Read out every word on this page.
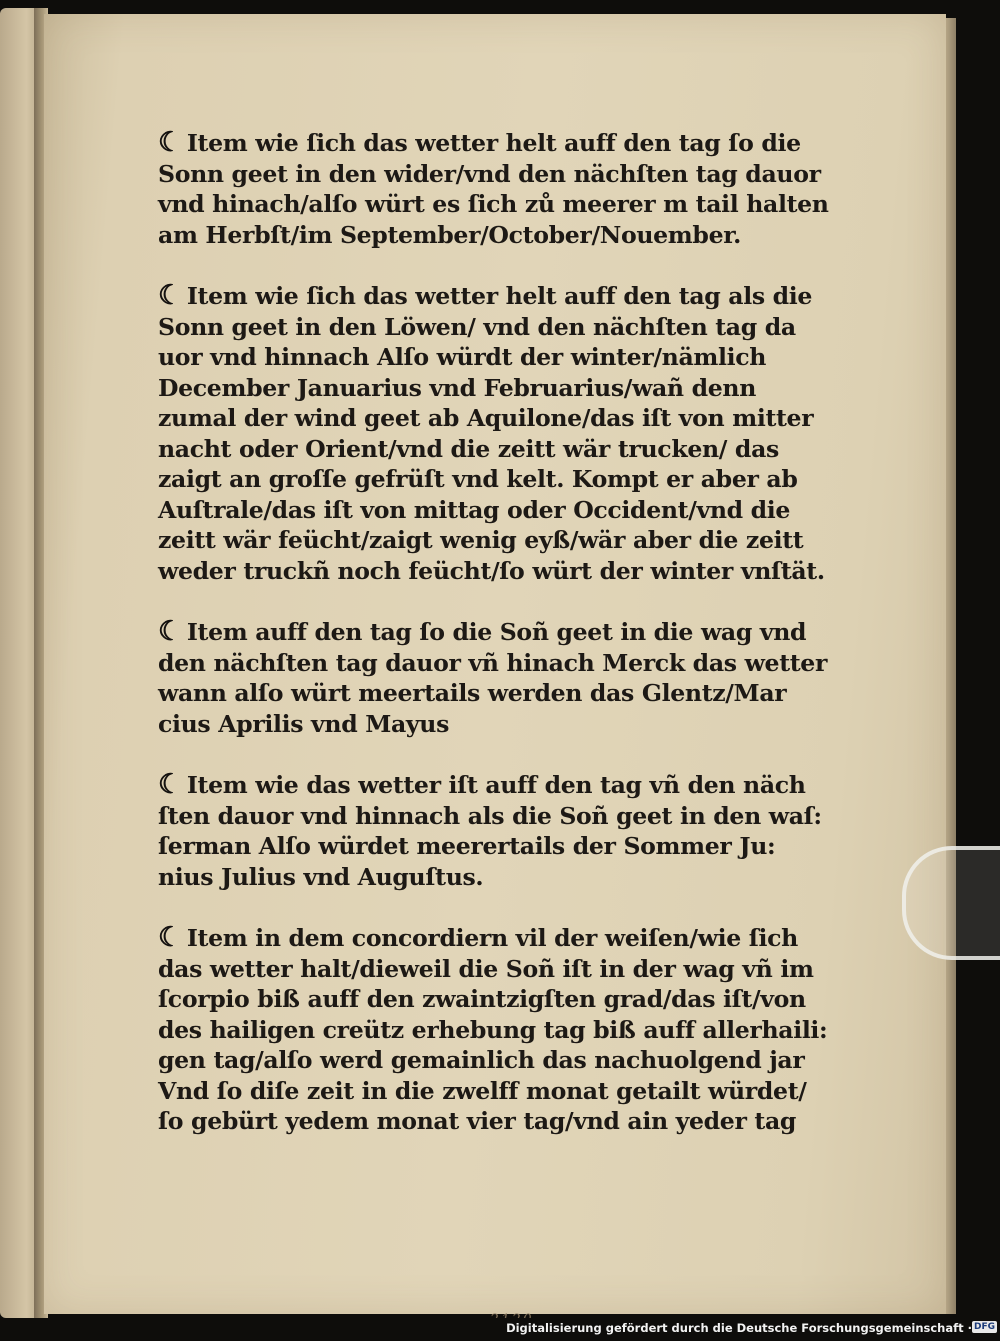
☾ Item wie ſich das wetter helt auff den tag ſo die
Sonn geet in den wider/vnd den nächſten tag dauor
vnd hinach/alſo würt es ſich zů meerer m tail halten
am Herbſt/im September/October/Nouember.
☾ Item wie ſich das wetter helt auff den tag als die
Sonn geet in den Löwen/ vnd den nächſten tag da
uor vnd hinnach Alſo würdt der winter/nämlich
December Januarius vnd Februarius/wañ denn
zumal der wind geet ab Aquilone/das iſt von mitter
nacht oder Orient/vnd die zeitt wär trucken/ das
zaigt an groſſe gefrüſt vnd kelt. Kompt er aber ab
Auſtrale/das iſt von mittag oder Occident/vnd die
zeitt wär feücht/zaigt wenig eyß/wär aber die zeitt
weder truckñ noch feücht/ſo würt der winter vnſtät.
☾ Item auff den tag ſo die Soñ geet in die wag vnd
den nächſten tag dauor vñ hinach Merck das wetter
wann alſo würt meertails werden das Glentz/Mar
cius Aprilis vnd Mayus
☾ Item wie das wetter iſt auff den tag vñ den näch
ſten dauor vnd hinnach als die Soñ geet in den waſ:
ſerman Alſo würdet meerertails der Sommer Ju:
nius Julius vnd Auguſtus.
☾ Item in dem concordiern vil der weiſen/wie ſich
das wetter halt/dieweil die Soñ iſt in der wag vñ im
ſcorpio biß auff den zwaintzigſten grad/das iſt/von
des hailigen creütz erhebung tag biß auff allerhaili:
gen tag/alſo werd gemainlich das nachuolgend jar
Vnd ſo diſe zeit in die zwelff monat getailt würdet/
ſo gebürt yedem monat vier tag/vnd ain yeder tag
Digitalisierung gefördert durch die Deutsche Forschungsgemeinschaft · DFG
